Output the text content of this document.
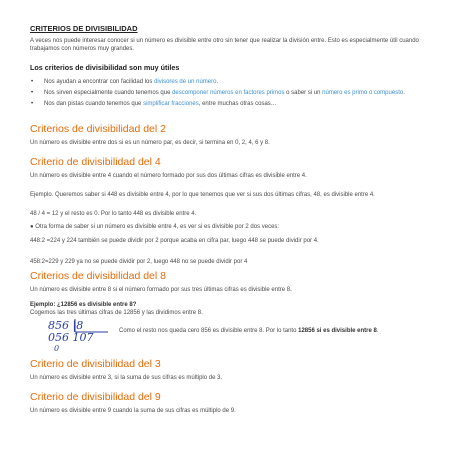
CRITERIOS DE DIVISIBILIDAD

A veces nos puede interesar conocer si un número es divisible entre otro sin tener que realizar la división entre. Esto es especialmente útil cuando trabajamos con números muy grandes.

Los criterios de divisibilidad son muy útiles
• Nos ayudan a encontrar con facilidad los divisores de un número.
• Nos sirven especialmente cuando tenemos que descomponer números en factores primos o saber si un número es primo o compuesto.
• Nos dan pistas cuando tenemos que simplificar fracciones, entre muchas otras cosas…
Criterios de divisibilidad del 2

Un número es divisible entre dos si es un número par, es decir, si termina en 0, 2, 4, 6 y 8.

Criterio de divisibilidad del 4

Un número es divisible entre 4 cuando el número formado por sus dos últimas cifras es divisible entre 4.

Ejemplo. Queremos saber si 448 es divisible entre 4, por lo que tenemos que ver si sus dos últimas cifras, 48, es divisible entre 4.

48 / 4 = 12 y el resto es 0. Por lo tanto 448 es divisible entre 4.

● Otra forma de saber si un número es divisible entre 4, es ver si es divisible por 2 dos veces:

448:2 =224 y 224 también se puede dividir por 2 porque acaba en cifra par, luego 448 se puede dividir por 4.

458:2=229 y 229 ya no se puede dividir por 2, luego 448 no se puede dividir por 4

Criterios de divisibilidad del 8

Un número es divisible entre 8 si el número formado por sus tres últimas cifras es divisible entre 8.

Ejemplo: ¿12856 es divisible entre 8?

Cogemos las tres últimas cifras de 12856 y las dividimos entre 8.

856 |8
056 107
0

Como el resto nos queda cero 856 es divisible entre 8. Por lo tanto 12856 si es divisible entre 8.

Criterio de divisibilidad del 3

Un número es divisible entre 3, si la suma de sus cifras es múltiplo de 3.

Criterio de divisibilidad del 9

Un número es divisible entre 9 cuando la suma de sus cifras es múltiplo de 9.
